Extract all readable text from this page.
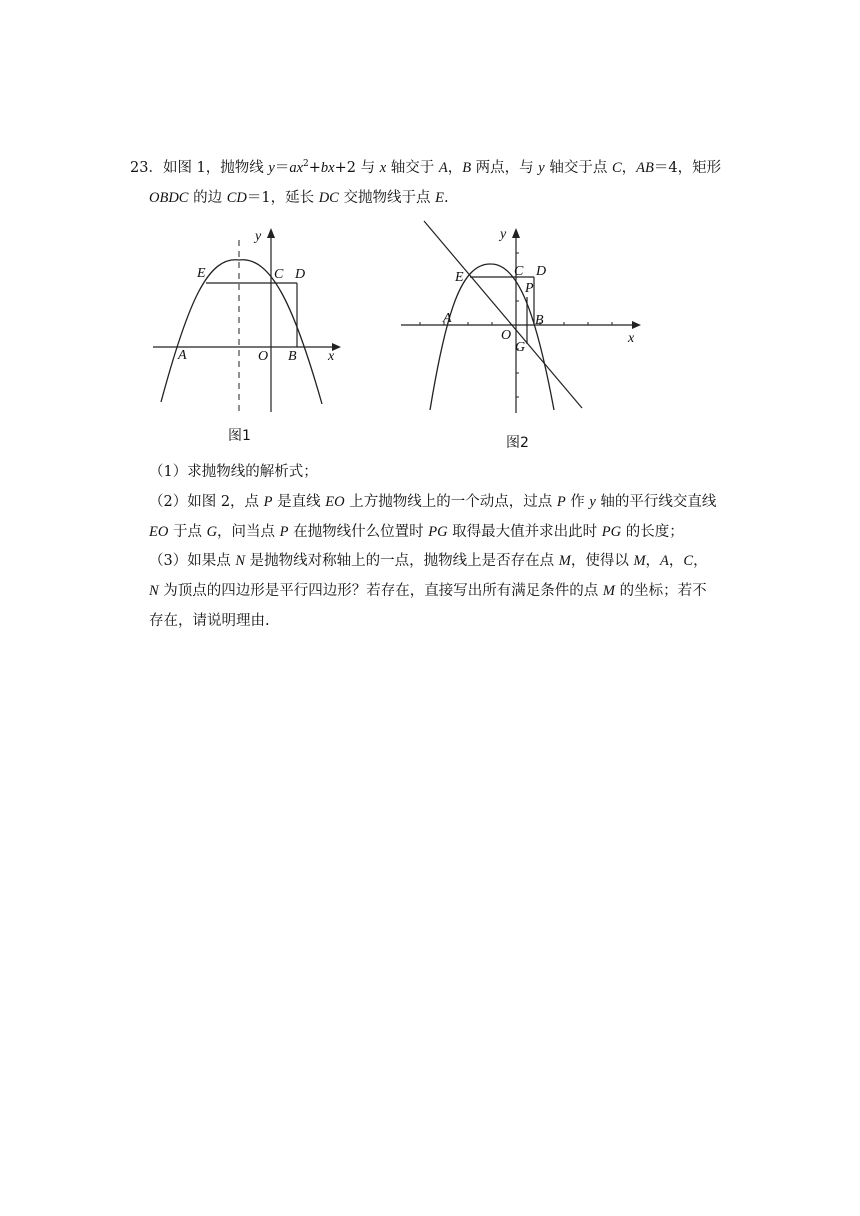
23．如图 1，抛物线 $y=ax^2+bx+2$ 与 x 轴交于 A，B 两点，与 y 轴交于点 C，AB＝4，矩形
OBDC 的边 CD＝1，延长 DC 交抛物线于点 E.
y
x
E	C D
A	O B
图1
y
x
E	C D
P
A
O
B
G
图2
（1）求抛物线的解析式；
（2）如图 2，点 P 是直线 EO 上方抛物线上的一个动点，过点 P 作 y 轴的平行线交直线
EO 于点 G，问当点 P 在抛物线什么位置时 PG 取得最大值并求出此时 PG 的长度；
（3）如果点 N 是抛物线对称轴上的一点，抛物线上是否存在点 M，使得以 M，A，C，
N 为顶点的四边形是平行四边形？若存在，直接写出所有满足条件的点 M 的坐标；若不
存在，请说明理由.
